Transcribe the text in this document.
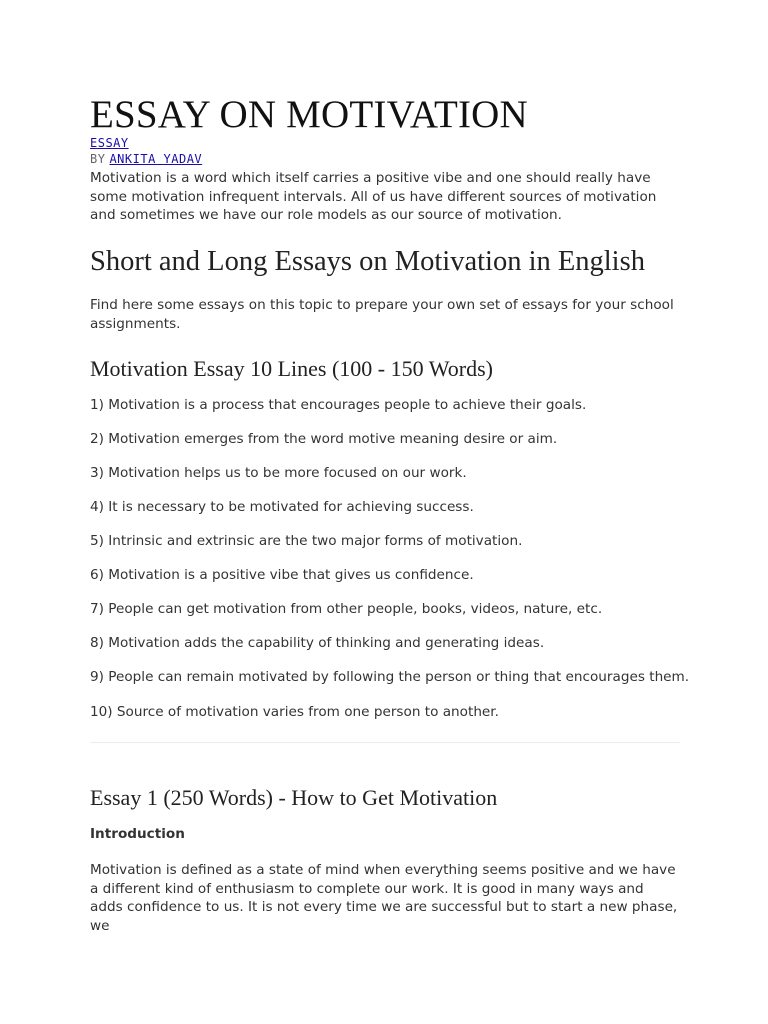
ESSAY ON MOTIVATION
ESSAY
BY ANKITA YADAV

Motivation is a word which itself carries a positive vibe and one should really have some motivation infrequent intervals. All of us have different sources of motivation and sometimes we have our role models as our source of motivation.

Short and Long Essays on Motivation in English

Find here some essays on this topic to prepare your own set of essays for your school assignments.

Motivation Essay 10 Lines (100 - 150 Words)

1) Motivation is a process that encourages people to achieve their goals.

2) Motivation emerges from the word motive meaning desire or aim.

3) Motivation helps us to be more focused on our work.

4) It is necessary to be motivated for achieving success.

5) Intrinsic and extrinsic are the two major forms of motivation.

6) Motivation is a positive vibe that gives us confidence.

7) People can get motivation from other people, books, videos, nature, etc.

8) Motivation adds the capability of thinking and generating ideas.

9) People can remain motivated by following the person or thing that encourages them.

10) Source of motivation varies from one person to another.

Essay 1 (250 Words) - How to Get Motivation

Introduction

Motivation is defined as a state of mind when everything seems positive and we have a different kind of enthusiasm to complete our work. It is good in many ways and adds confidence to us. It is not every time we are successful but to start a new phase, we
